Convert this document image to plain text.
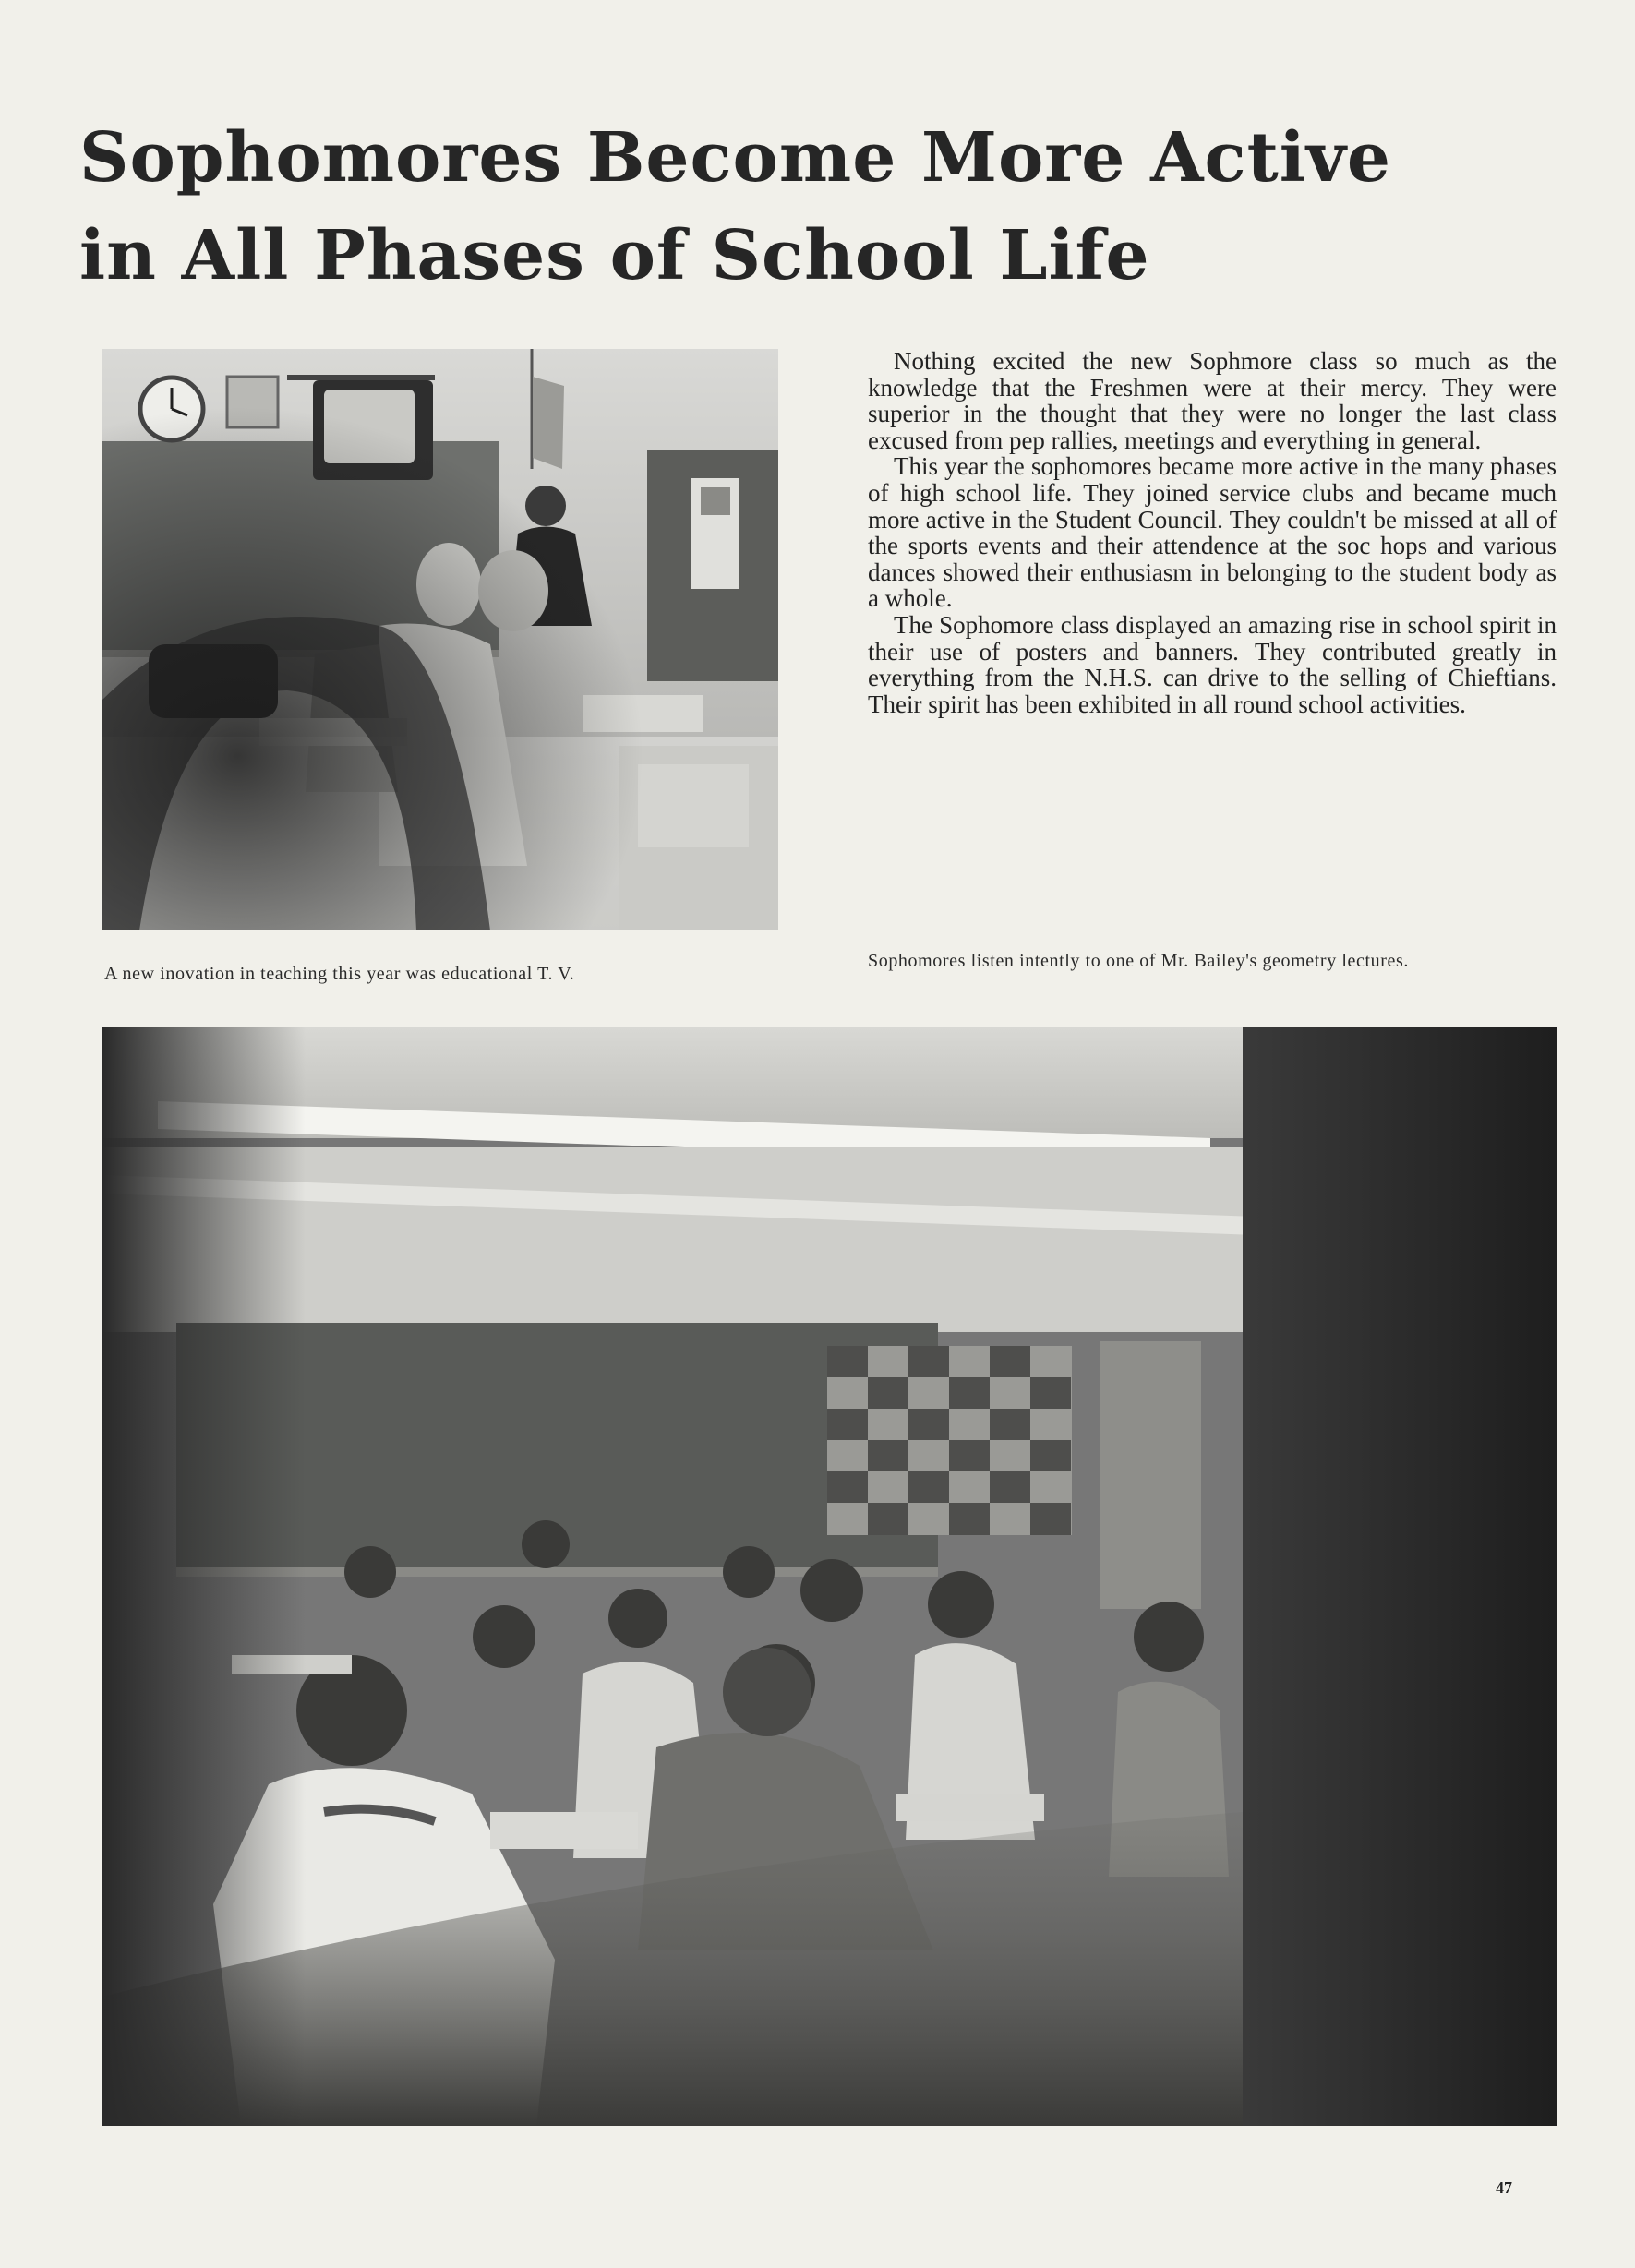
Sophomores Become More Active
in All Phases of School Life

Nothing excited the new Sophmore class so much as the knowledge that the Freshmen were at their mercy. They were superior in the thought that they were no longer the last class excused from pep rallies, meetings and everything in general.

This year the sophomores became more active in the many phases of high school life. They joined service clubs and became much more active in the Student Council. They couldn't be missed at all of the sports events and their attendence at the soc hops and various dances showed their enthusiasm in belonging to the student body as a whole.

The Sophomore class displayed an amazing rise in school spirit in their use of posters and banners. They contributed greatly in everything from the N.H.S. can drive to the selling of Chieftians. Their spirit has been exhibited in all round school activities.

A new inovation in teaching this year was educational T. V.
Sophomores listen intently to one of Mr. Bailey's geometry lectures.
47
